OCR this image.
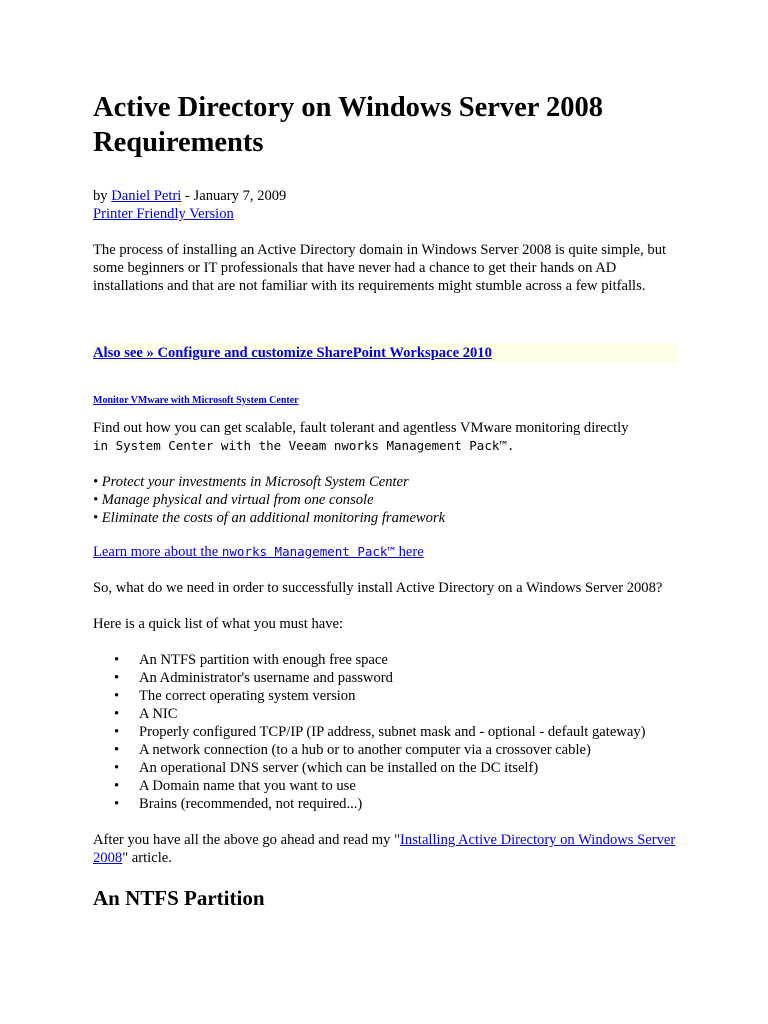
Active Directory on Windows Server 2008 Requirements

by Daniel Petri - January 7, 2009
Printer Friendly Version

The process of installing an Active Directory domain in Windows Server 2008 is quite simple, but some beginners or IT professionals that have never had a chance to get their hands on AD installations and that are not familiar with its requirements might stumble across a few pitfalls.

Also see » Configure and customize SharePoint Workspace 2010
Monitor VMware with Microsoft System Center

Find out how you can get scalable, fault tolerant and agentless VMware monitoring directly
in System Center with the Veeam nworks Management Pack™.

• Protect your investments in Microsoft System Center
• Manage physical and virtual from one console
• Eliminate the costs of an additional monitoring framework

Learn more about the nworks Management Pack™ here

So, what do we need in order to successfully install Active Directory on a Windows Server 2008?

Here is a quick list of what you must have:

• An NTFS partition with enough free space
• An Administrator's username and password
• The correct operating system version
• A NIC
• Properly configured TCP/IP (IP address, subnet mask and - optional - default gateway)
• A network connection (to a hub or to another computer via a crossover cable)
• An operational DNS server (which can be installed on the DC itself)
• A Domain name that you want to use
• Brains (recommended, not required...)

After you have all the above go ahead and read my "Installing Active Directory on Windows Server 2008" article.

An NTFS Partition
